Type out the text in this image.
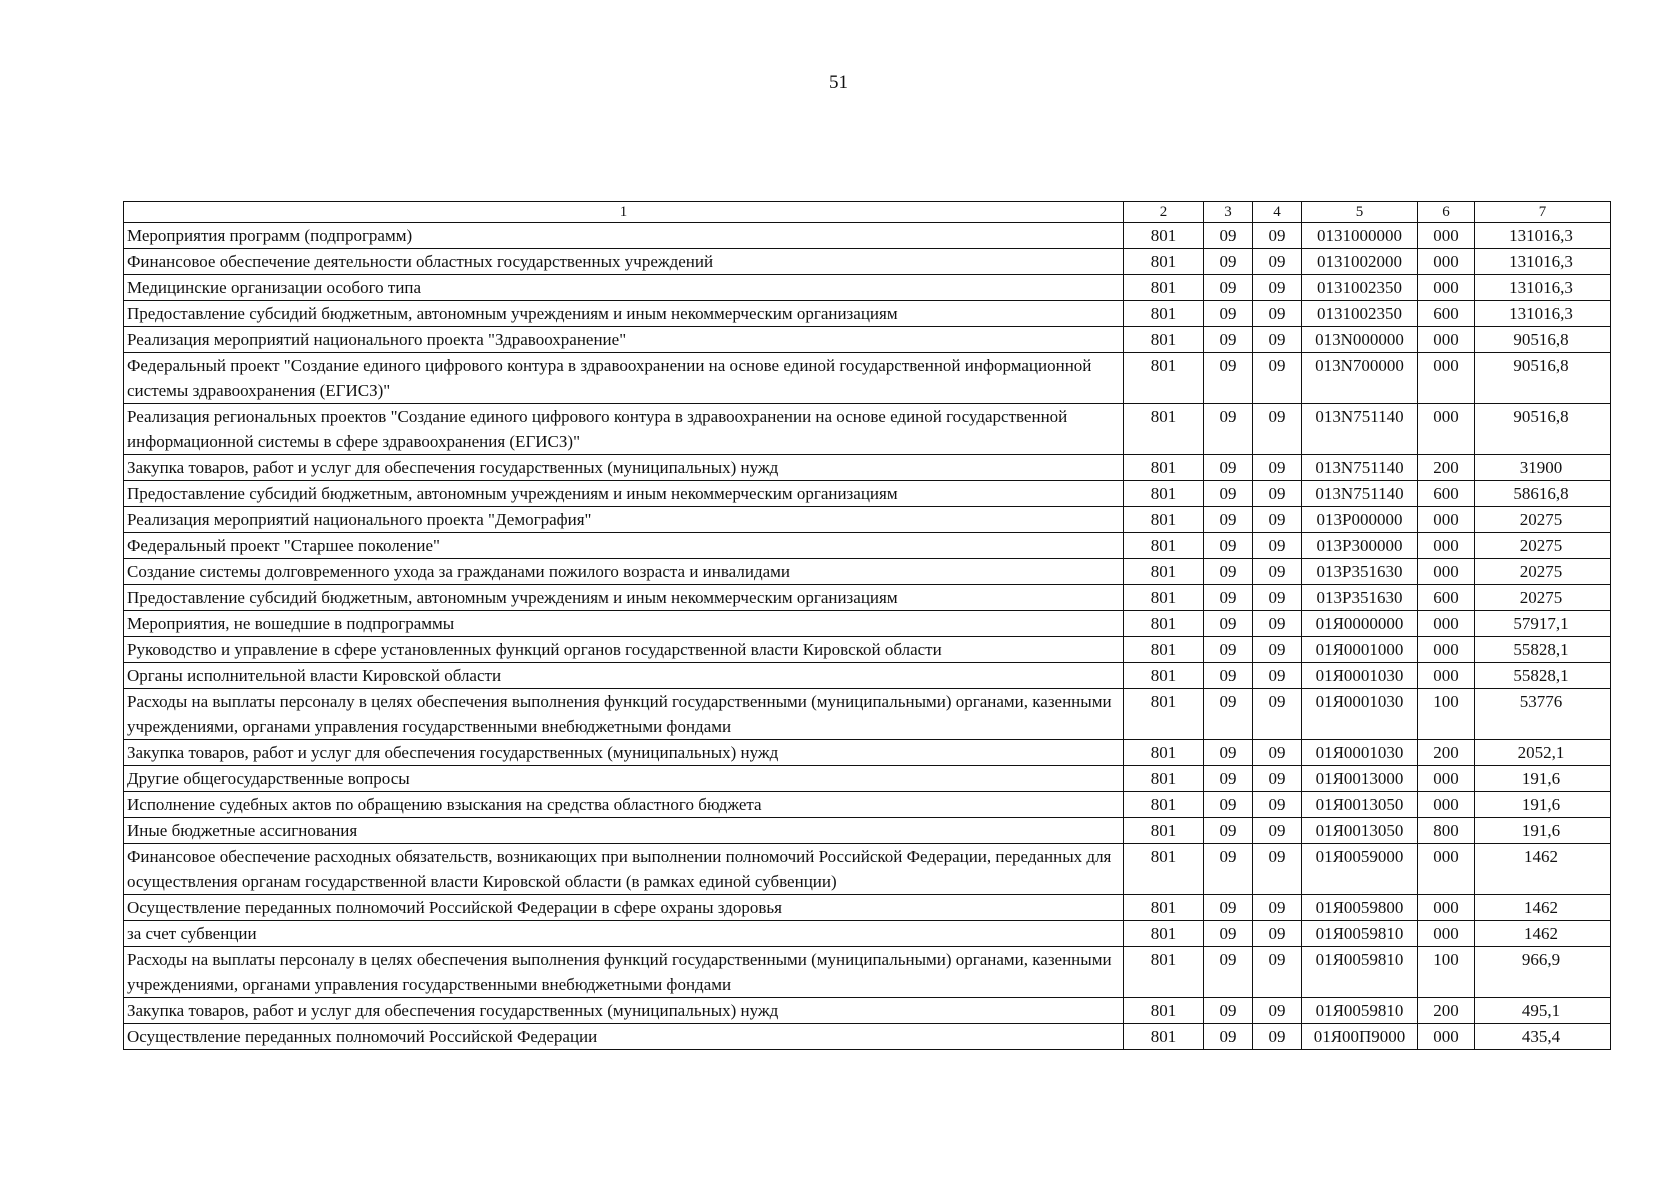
51
1	2	3	4	5	6	7
Мероприятия программ (подпрограмм)	801	09	09	0131000000	000	131016,3
Финансовое обеспечение деятельности областных государственных учреждений	801	09	09	0131002000	000	131016,3
Медицинские организации особого типа	801	09	09	0131002350	000	131016,3
Предоставление субсидий бюджетным, автономным учреждениям и иным некоммерческим организациям	801	09	09	0131002350	600	131016,3
Реализация мероприятий национального проекта "Здравоохранение"	801	09	09	013N000000	000	90516,8
Федеральный проект "Создание единого цифрового контура в здравоохранении на основе единой государственной информационной системы здравоохранения (ЕГИСЗ)"	801	09	09	013N700000	000	90516,8
Реализация региональных проектов "Создание единого цифрового контура в здравоохранении на основе единой государственной информационной системы в сфере здравоохранения (ЕГИСЗ)"	801	09	09	013N751140	000	90516,8
Закупка товаров, работ и услуг для обеспечения государственных (муниципальных) нужд	801	09	09	013N751140	200	31900
Предоставление субсидий бюджетным, автономным учреждениям и иным некоммерческим организациям	801	09	09	013N751140	600	58616,8
Реализация мероприятий национального проекта "Демография"	801	09	09	013P000000	000	20275
Федеральный проект "Старшее поколение"	801	09	09	013P300000	000	20275
Создание системы долговременного ухода за гражданами пожилого возраста и инвалидами	801	09	09	013P351630	000	20275
Предоставление субсидий бюджетным, автономным учреждениям и иным некоммерческим организациям	801	09	09	013P351630	600	20275
Мероприятия, не вошедшие в подпрограммы	801	09	09	01Я0000000	000	57917,1
Руководство и управление в сфере установленных функций органов государственной власти Кировской области	801	09	09	01Я0001000	000	55828,1
Органы исполнительной власти Кировской области	801	09	09	01Я0001030	000	55828,1
Расходы на выплаты персоналу в целях обеспечения выполнения функций государственными (муниципальными) органами, казенными учреждениями, органами управления государственными внебюджетными фондами	801	09	09	01Я0001030	100	53776
Закупка товаров, работ и услуг для обеспечения государственных (муниципальных) нужд	801	09	09	01Я0001030	200	2052,1
Другие общегосударственные вопросы	801	09	09	01Я0013000	000	191,6
Исполнение судебных актов по обращению взыскания на средства областного бюджета	801	09	09	01Я0013050	000	191,6
Иные бюджетные ассигнования	801	09	09	01Я0013050	800	191,6
Финансовое обеспечение расходных обязательств, возникающих при выполнении полномочий Российской Федерации, переданных для осуществления органам государственной власти Кировской области (в рамках единой субвенции)	801	09	09	01Я0059000	000	1462
Осуществление переданных полномочий Российской Федерации в сфере охраны здоровья	801	09	09	01Я0059800	000	1462
за счет субвенции	801	09	09	01Я0059810	000	1462
Расходы на выплаты персоналу в целях обеспечения выполнения функций государственными (муниципальными) органами, казенными учреждениями, органами управления государственными внебюджетными фондами	801	09	09	01Я0059810	100	966,9
Закупка товаров, работ и услуг для обеспечения государственных (муниципальных) нужд	801	09	09	01Я0059810	200	495,1
Осуществление переданных полномочий Российской Федерации	801	09	09	01Я00П9000	000	435,4
